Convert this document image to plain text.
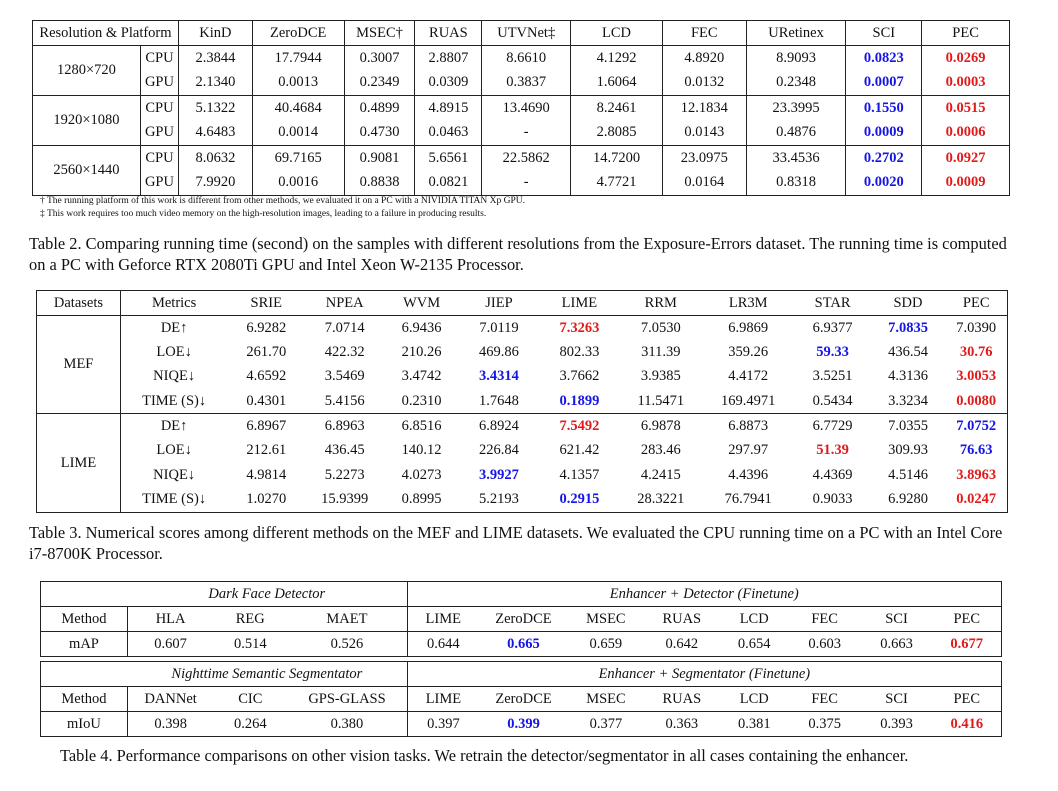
Resolution & Platform		KinD	ZeroDCE	MSEC†	RUAS	UTVNet‡	LCD	FEC	URetinex	SCI	PEC
1280×720	CPU	2.3844	17.7944	0.3007	2.8807	8.6610	4.1292	4.8920	8.9093	0.0823	0.0269
	GPU	2.1340	0.0013	0.2349	0.0309	0.3837	1.6064	0.0132	0.2348	0.0007	0.0003
1920×1080	CPU	5.1322	40.4684	0.4899	4.8915	13.4690	8.2461	12.1834	23.3995	0.1550	0.0515
	GPU	4.6483	0.0014	0.4730	0.0463	-	2.8085	0.0143	0.4876	0.0009	0.0006
2560×1440	CPU	8.0632	69.7165	0.9081	5.6561	22.5862	14.7200	23.0975	33.4536	0.2702	0.0927
	GPU	7.9920	0.0016	0.8838	0.0821	-	4.7721	0.0164	0.8318	0.0020	0.0009
† The running platform of this work is different from other methods, we evaluated it on a PC with a NIVIDIA TITAN Xp GPU.
‡ This work requires too much video memory on the high-resolution images, leading to a failure in producing results.
Table 2. Comparing running time (second) on the samples with different resolutions from the Exposure-Errors dataset. The running time is computed on a PC with Geforce RTX 2080Ti GPU and Intel Xeon W-2135 Processor.
Datasets	Metrics	SRIE	NPEA	WVM	JIEP	LIME	RRM	LR3M	STAR	SDD	PEC
MEF	DE↑	6.9282	7.0714	6.9436	7.0119	7.3263	7.0530	6.9869	6.9377	7.0835	7.0390
	LOE↓	261.70	422.32	210.26	469.86	802.33	311.39	359.26	59.33	436.54	30.76
	NIQE↓	4.6592	3.5469	3.4742	3.4314	3.7662	3.9385	4.4172	3.5251	4.3136	3.0053
	TIME (S)↓	0.4301	5.4156	0.2310	1.7648	0.1899	11.5471	169.4971	0.5434	3.3234	0.0080
LIME	DE↑	6.8967	6.8963	6.8516	6.8924	7.5492	6.9878	6.8873	6.7729	7.0355	7.0752
	LOE↓	212.61	436.45	140.12	226.84	621.42	283.46	297.97	51.39	309.93	76.63
	NIQE↓	4.9814	5.2273	4.0273	3.9927	4.1357	4.2415	4.4396	4.4369	4.5146	3.8963
	TIME (S)↓	1.0270	15.9399	0.8995	5.2193	0.2915	28.3221	76.7941	0.9033	6.9280	0.0247
Table 3. Numerical scores among different methods on the MEF and LIME datasets. We evaluated the CPU running time on a PC with an Intel Core i7-8700K Processor.
Dark Face Detector				Enhancer + Detector (Finetune)							
Method	HLA	REG	MAET	LIME	ZeroDCE	MSEC	RUAS	LCD	FEC	SCI	PEC
mAP	0.607	0.514	0.526	0.644	0.665	0.659	0.642	0.654	0.603	0.663	0.677
Nighttime Semantic Segmentator				Enhancer + Segmentator (Finetune)							
Method	DANNet	CIC	GPS-GLASS	LIME	ZeroDCE	MSEC	RUAS	LCD	FEC	SCI	PEC
mIoU	0.398	0.264	0.380	0.397	0.399	0.377	0.363	0.381	0.375	0.393	0.416
Table 4. Performance comparisons on other vision tasks. We retrain the detector/segmentator in all cases containing the enhancer.
